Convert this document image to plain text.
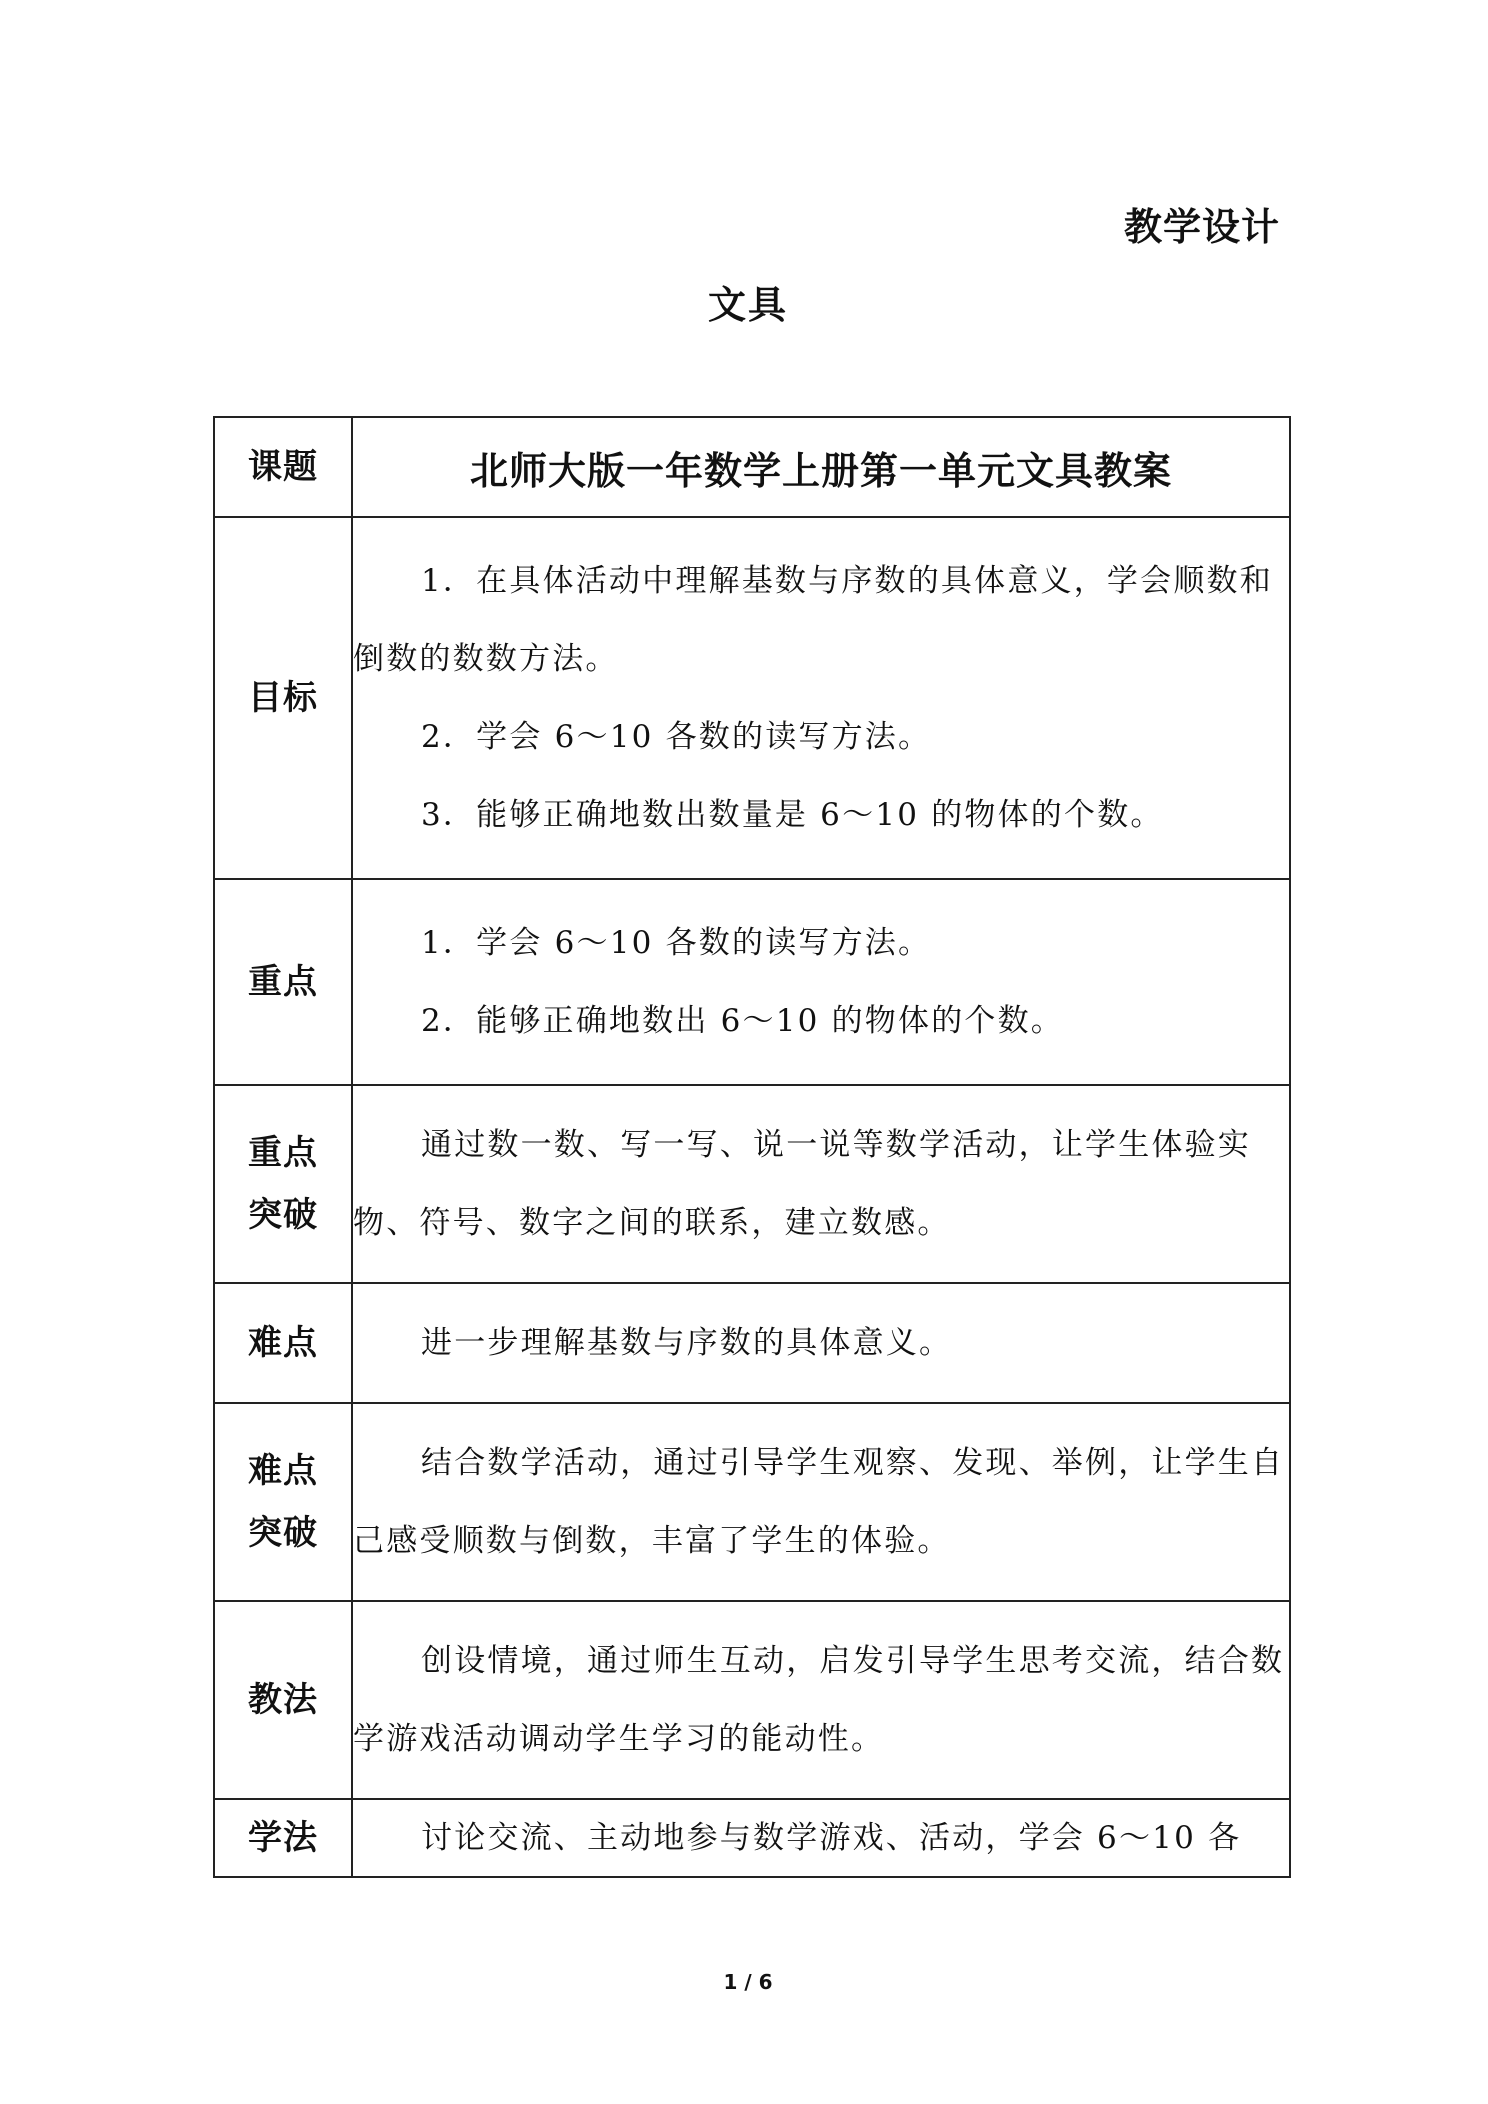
教学设计
文具
课题	北师大版一年数学上册第一单元文具教案
目标	1．在具体活动中理解基数与序数的具体意义，学会顺数和倒数的数数方法。

2．学会 6～10 各数的读写方法。

3．能够正确地数出数量是 6～10 的物体的个数。

重点	1．学会 6～10 各数的读写方法。

2．能够正确地数出 6～10 的物体的个数。

重点
突破	通过数一数、写一写、说一说等数学活动，让学生体验实物、符号、数字之间的联系，建立数感。

难点	进一步理解基数与序数的具体意义。

难点
突破	结合数学活动，通过引导学生观察、发现、举例，让学生自己感受顺数与倒数，丰富了学生的体验。

教法	创设情境，通过师生互动，启发引导学生思考交流，结合数学游戏活动调动学生学习的能动性。

学法	讨论交流、主动地参与数学游戏、活动，学会 6～10 各

1 / 6
